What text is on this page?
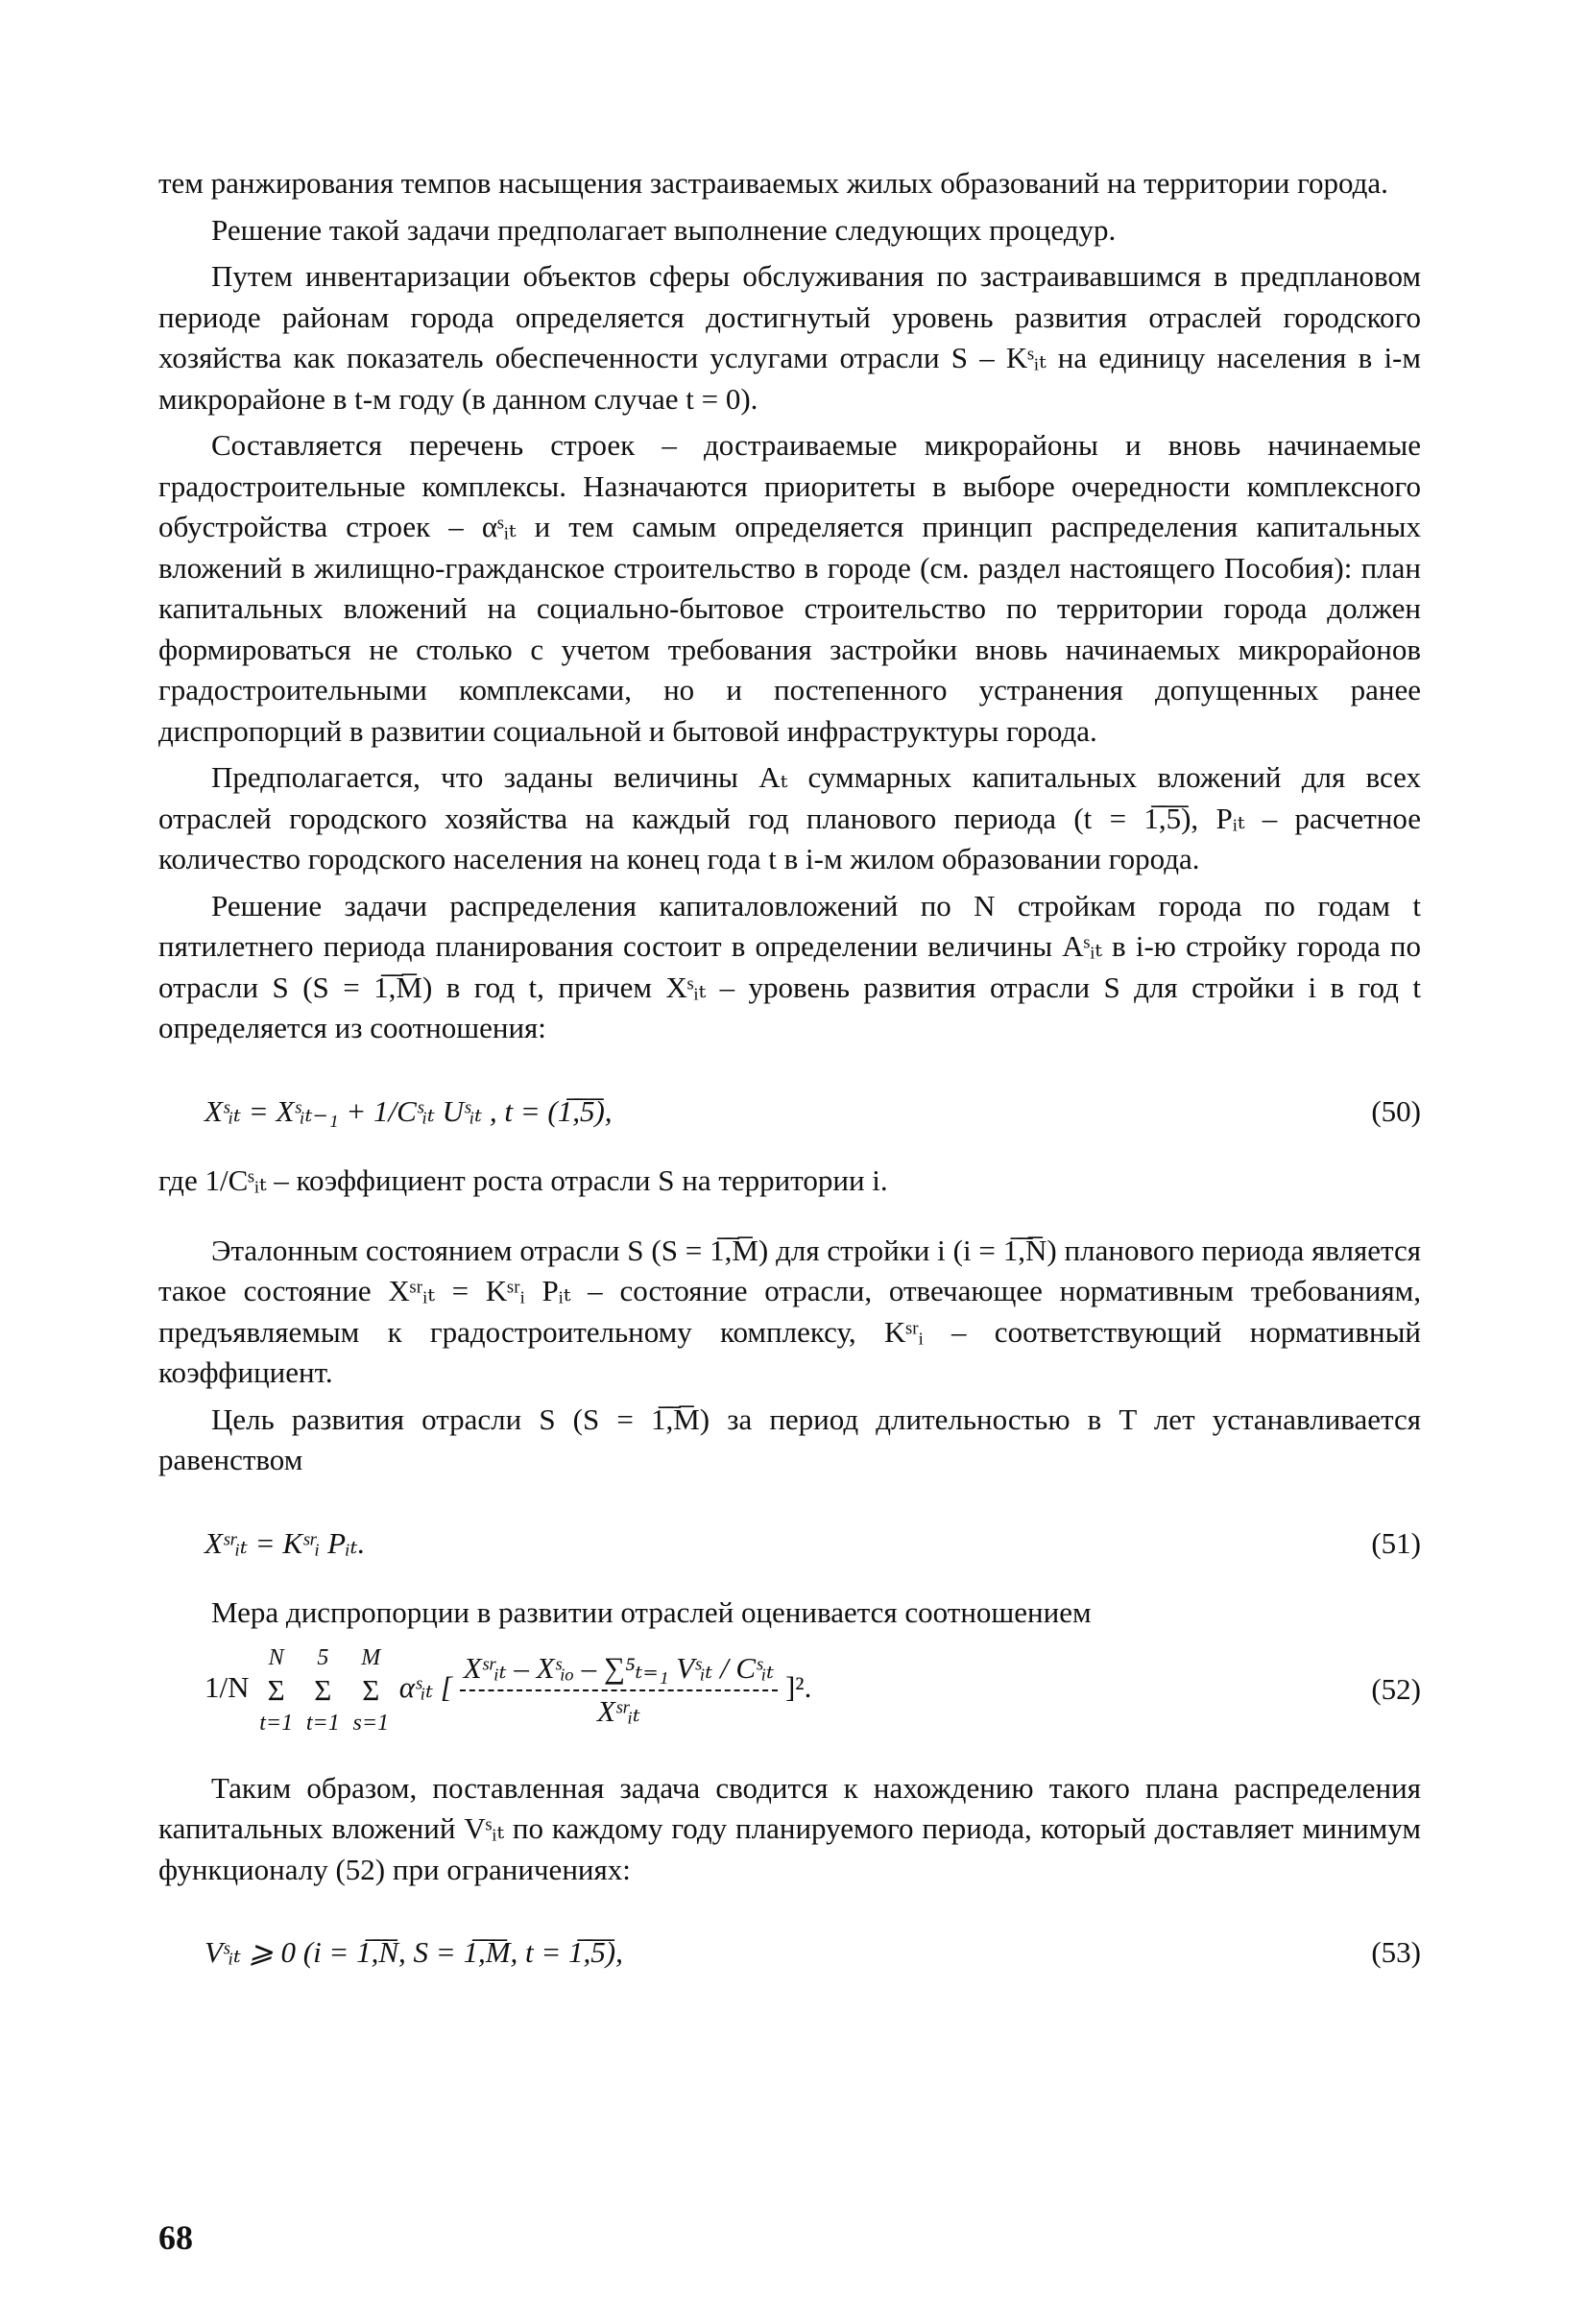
тем ранжирования темпов насыщения застраиваемых жилых образований на территории города.

Решение такой задачи предполагает выполнение следующих процедур.

Путем инвентаризации объектов сферы обслуживания по застраивавшимся в предплановом периоде районам города определяется достигнутый уровень развития отраслей городского хозяйства как показатель обеспеченности услугами отрасли S – Kˢᵢₜ на единицу населения в i-м микрорайоне в t-м году (в данном случае t = 0).

Составляется перечень строек – достраиваемые микрорайоны и вновь начинаемые градостроительные комплексы. Назначаются приоритеты в выборе очередности комплексного обустройства строек – αˢᵢₜ и тем самым определяется принцип распределения капитальных вложений в жилищно-гражданское строительство в городе (см. раздел настоящего Пособия): план капитальных вложений на социально-бытовое строительство по территории города должен формироваться не столько с учетом требования застройки вновь начинаемых микрорайонов градостроительными комплексами, но и постепенного устранения допущенных ранее диспропорций в развитии социальной и бытовой инфраструктуры города.

Предполагается, что заданы величины Aₜ суммарных капитальных вложений для всех отраслей городского хозяйства на каждый год планового периода (t = 1̅,̅5̅), Pᵢₜ – расчетное количество городского населения на конец года t в i-м жилом образовании города.

Решение задачи распределения капиталовложений по N стройкам города по годам t пятилетнего периода планирования состоит в определении величины Aˢᵢₜ в i-ю стройку города по отрасли S (S = 1̅,̅M̅) в год t, причем Xˢᵢₜ – уровень развития отрасли S для стройки i в год t определяется из соотношения:

Xˢᵢₜ = Xˢᵢₜ₋₁ + 1/Cˢᵢₜ Uˢᵢₜ , t = (1̅,̅5̅),	(50)

где 1/Cˢᵢₜ – коэффициент роста отрасли S на территории i.

Эталонным состоянием отрасли S (S = 1̅,̅M̅) для стройки i (i = 1̅,̅N̅) планового периода является такое состояние Xˢʳᵢₜ = Kˢʳᵢ Pᵢₜ – состояние отрасли, отвечающее нормативным требованиям, предъявляемым к градостроительному комплексу, Kˢʳᵢ – соответствующий нормативный коэффициент.

Цель развития отрасли S (S = 1̅,̅M̅) за период длительностью в T лет устанавливается равенством

Xˢʳᵢₜ = Kˢʳᵢ Pᵢₜ.	(51)

Мера диспропорции в развитии отраслей оценивается соотношением

1/N
N
Σ
t=1

5
Σ
t=1

M
Σ
s=1
αˢᵢₜ [ $\frac{\text{Xˢʳᵢₜ – Xˢᵢₒ – ∑⁵ₜ₌₁ Vˢᵢₜ / Cˢᵢₜ}}{\text{Xˢʳᵢₜ}} ]^2$.	(52)

Таким образом, поставленная задача сводится к нахождению такого плана распределения капитальных вложений Vˢᵢₜ по каждому году планируемого периода, который доставляет минимум функционалу (52) при ограничениях:

Vˢᵢₜ ⩾ 0 (i = 1̅,̅N̅, S = 1̅,̅M̅, t = 1̅,̅5̅),	(53)
68
